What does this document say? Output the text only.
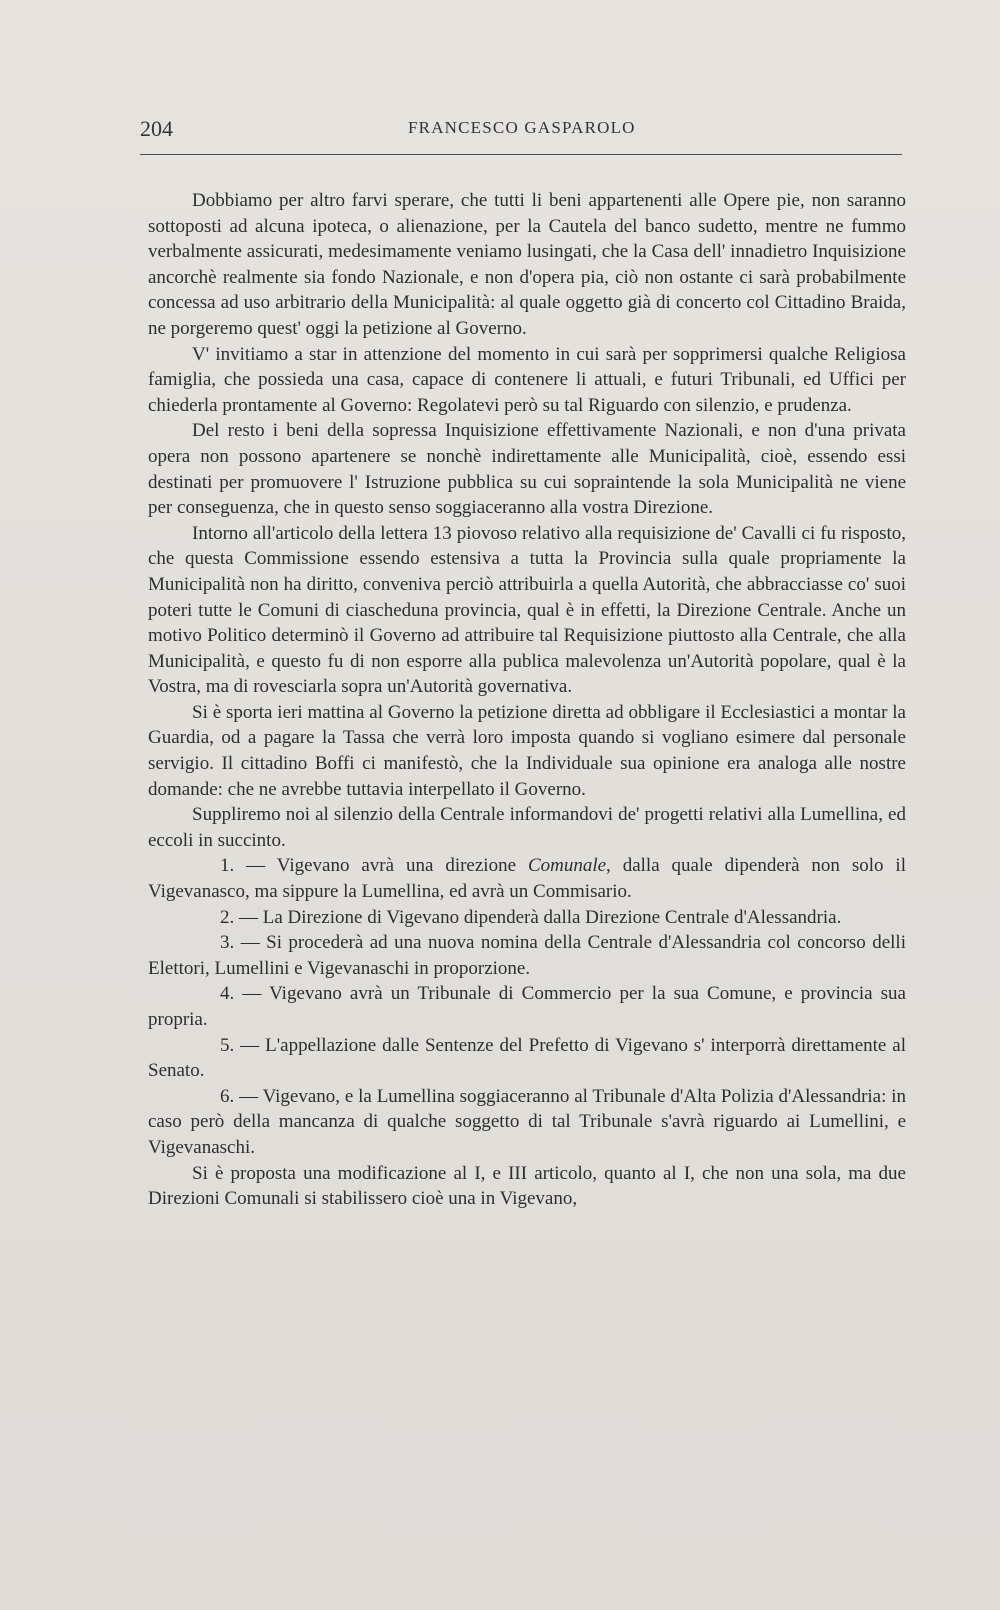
204	FRANCESCO GASPAROLO

Dobbiamo per altro farvi sperare, che tutti li beni appartenenti alle Opere pie, non saranno sottoposti ad alcuna ipoteca, o alienazione, per la Cautela del banco sudetto, mentre ne fummo verbalmente assicurati, medesimamente veniamo lusingati, che la Casa dell' innadietro Inquisizione ancorchè realmente sia fondo Nazionale, e non d'opera pia, ciò non ostante ci sarà probabilmente concessa ad uso arbitrario della Municipalità: al quale oggetto già di concerto col Cittadino Braida, ne porgeremo quest' oggi la petizione al Governo.

V' invitiamo a star in attenzione del momento in cui sarà per sopprimersi qualche Religiosa famiglia, che possieda una casa, capace di contenere li attuali, e futuri Tribunali, ed Uffici per chiederla prontamente al Governo: Regolatevi però su tal Riguardo con silenzio, e prudenza.

Del resto i beni della sopressa Inquisizione effettivamente Nazionali, e non d'una privata opera non possono apartenere se nonchè indirettamente alle Municipalità, cioè, essendo essi destinati per promuovere l' Istruzione pubblica su cui sopraintende la sola Municipalità ne viene per conseguenza, che in questo senso soggiaceranno alla vostra Direzione.

Intorno all'articolo della lettera 13 piovoso relativo alla requisizione de' Cavalli ci fu risposto, che questa Commissione essendo estensiva a tutta la Provincia sulla quale propriamente la Municipalità non ha diritto, conveniva perciò attribuirla a quella Autorità, che abbracciasse co' suoi poteri tutte le Comuni di ciascheduna provincia, qual è in effetti, la Direzione Centrale. Anche un motivo Politico determinò il Governo ad attribuire tal Requisizione piuttosto alla Centrale, che alla Municipalità, e questo fu di non esporre alla publica malevolenza un'Autorità popolare, qual è la Vostra, ma di rovesciarla sopra un'Autorità governativa.

Si è sporta ieri mattina al Governo la petizione diretta ad obbligare il Ecclesiastici a montar la Guardia, od a pagare la Tassa che verrà loro imposta quando si vogliano esimere dal personale servigio. Il cittadino Boffi ci manifestò, che la Individuale sua opinione era analoga alle nostre domande: che ne avrebbe tuttavia interpellato il Governo.

Suppliremo noi al silenzio della Centrale informandovi de' progetti relativi alla Lumellina, ed eccoli in succinto.

1. — Vigevano avrà una direzione Comunale, dalla quale dipenderà non solo il Vigevanasco, ma sippure la Lumellina, ed avrà un Commisario.

2. — La Direzione di Vigevano dipenderà dalla Direzione Centrale d'Alessandria.

3. — Si procederà ad una nuova nomina della Centrale d'Alessandria col concorso delli Elettori, Lumellini e Vigevanaschi in proporzione.

4. — Vigevano avrà un Tribunale di Commercio per la sua Comune, e provincia sua propria.

5. — L'appellazione dalle Sentenze del Prefetto di Vigevano s' interporrà direttamente al Senato.

6. — Vigevano, e la Lumellina soggiaceranno al Tribunale d'Alta Polizia d'Alessandria: in caso però della mancanza di qualche soggetto di tal Tribunale s'avrà riguardo ai Lumellini, e Vigevanaschi.

Si è proposta una modificazione al I, e III articolo, quanto al I, che non una sola, ma due Direzioni Comunali si stabilissero cioè una in Vigevano,
